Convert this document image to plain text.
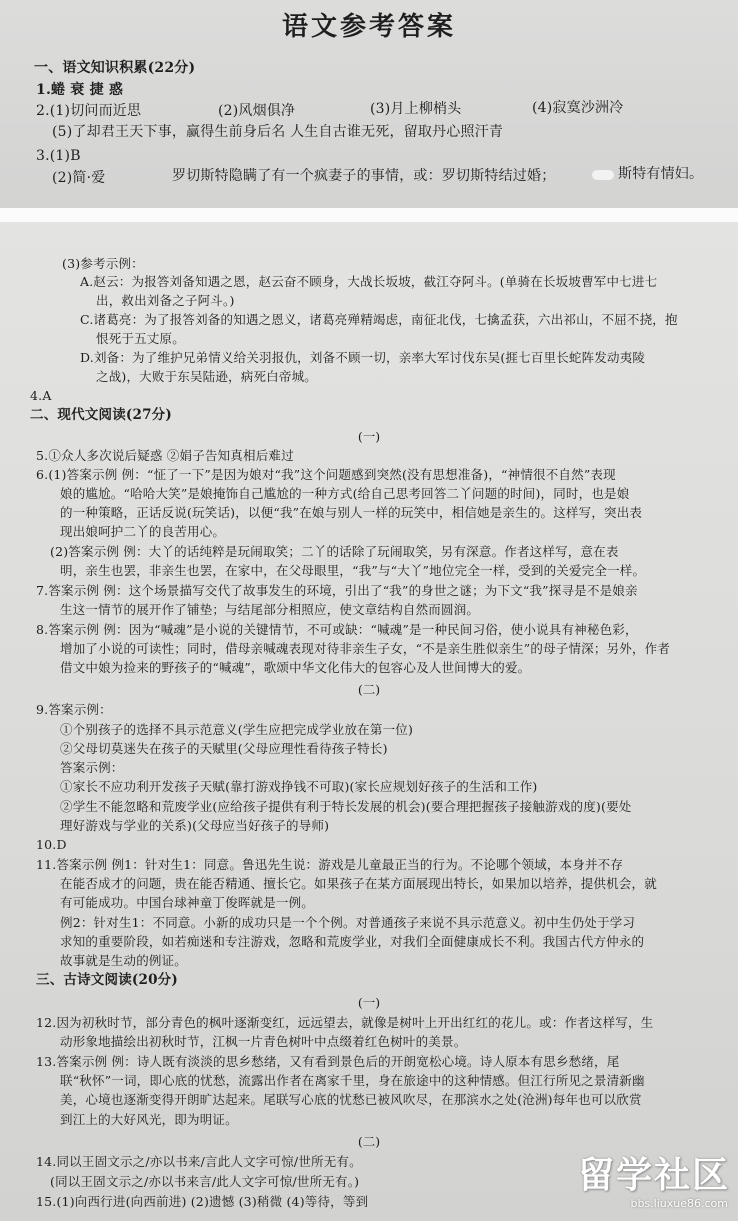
语文参考答案
一、语文知识积累(22分)
1.蜷 衰 捷 惑
2.(1)切问而近思	(2)风烟俱净	(3)月上柳梢头	(4)寂寞沙洲冷
(5)了却君王天下事，赢得生前身后名 人生自古谁无死，留取丹心照汗青
3.(1)B
(2)简·爱	罗切斯特隐瞒了有一个疯妻子的事情，或：罗切斯特结过婚；	斯特有情妇。
(3)参考示例：
A.赵云：为报答刘备知遇之恩，赵云奋不顾身，大战长坂坡，截江夺阿斗。(单骑在长坂坡曹军中七进七
出，救出刘备之子阿斗。)
C.诸葛亮：为了报答刘备的知遇之恩义，诸葛亮殚精竭虑，南征北伐，七擒孟获，六出祁山，不屈不挠，抱
恨死于五丈原。
D.刘备：为了维护兄弟情义给关羽报仇，刘备不顾一切，亲率大军讨伐东吴(捱七百里长蛇阵发动夷陵
之战)，大败于东吴陆逊，病死白帝城。
4.A
二、现代文阅读(27分)
(一)
5.①众人多次说后疑惑 ②娟子告知真相后难过
6.(1)答案示例 例：“怔了一下”是因为娘对“我”这个问题感到突然(没有思想准备)，“神情很不自然”表现
娘的尴尬。“哈哈大笑”是娘掩饰自己尴尬的一种方式(给自己思考回答二丫问题的时间)，同时，也是娘
的一种策略，正话反说(玩笑话)，以便“我”在娘与别人一样的玩笑中，相信她是亲生的。这样写，突出表
现出娘呵护二丫的良苦用心。
(2)答案示例 例：大丫的话纯粹是玩闹取笑；二丫的话除了玩闹取笑，另有深意。作者这样写，意在表
明，亲生也罢，非亲生也罢，在家中，在父母眼里，“我”与“大丫”地位完全一样，受到的关爱完全一样。
7.答案示例 例：这个场景描写交代了故事发生的环境，引出了“我”的身世之谜；为下文“我”探寻是不是娘亲
生这一情节的展开作了铺垫；与结尾部分相照应，使文章结构自然而圆润。
8.答案示例 例：因为“喊魂”是小说的关键情节，不可或缺：“喊魂”是一种民间习俗，使小说具有神秘色彩，
增加了小说的可读性；同时，借母亲喊魂表现对待非亲生子女，“不是亲生胜似亲生”的母子情深；另外，作者
借文中娘为捡来的野孩子的“喊魂”，歌颂中华文化伟大的包容心及人世间博大的爱。
(二)
9.答案示例：
①个别孩子的选择不具示范意义(学生应把完成学业放在第一位)
②父母切莫迷失在孩子的天赋里(父母应理性看待孩子特长)
答案示例：
①家长不应功利开发孩子天赋(靠打游戏挣钱不可取)(家长应规划好孩子的生活和工作)
②学生不能忽略和荒废学业(应给孩子提供有利于特长发展的机会)(要合理把握孩子接触游戏的度)(要处
理好游戏与学业的关系)(父母应当好孩子的导师)
10.D
11.答案示例 例1：针对生1：同意。鲁迅先生说：游戏是儿童最正当的行为。不论哪个领域，本身并不存
在能否成才的问题，贵在能否精通、擅长它。如果孩子在某方面展现出特长，如果加以培养，提供机会，就
有可能成功。中国台球神童丁俊晖就是一例。
例2：针对生1：不同意。小新的成功只是一个个例。对普通孩子来说不具示范意义。初中生仍处于学习
求知的重要阶段，如若痴迷和专注游戏，忽略和荒废学业，对我们全面健康成长不利。我国古代方仲永的
故事就是生动的例证。
三、古诗文阅读(20分)
(一)
12.因为初秋时节，部分青色的枫叶逐渐变红，远远望去，就像是树叶上开出红红的花儿。或：作者这样写，生
动形象地描绘出初秋时节，江枫一片青色树叶中点缀着红色树叶的美景。
13.答案示例 例：诗人既有淡淡的思乡愁绪，又有看到景色后的开朗宽松心境。诗人原本有思乡愁绪，尾
联“秋怀”一词，即心底的忧愁，流露出作者在离家千里，身在旅途中的这种情感。但江行所见之景清新幽
美，心境也逐渐变得开朗旷达起来。尾联写心底的忧愁已被风吹尽，在那滨水之处(沧洲)每年也可以欣赏
到江上的大好风光，即为明证。
(二)
14.同以王固文示之/亦以书来/言此人文字可惊/世所无有。
(同以王固文示之/亦以书来言/此人文字可惊/世所无有。)
15.(1)向西行进(向西前进) (2)遗憾 (3)稍微 (4)等待，等到
留学社区
bbs.liuxue86.com
